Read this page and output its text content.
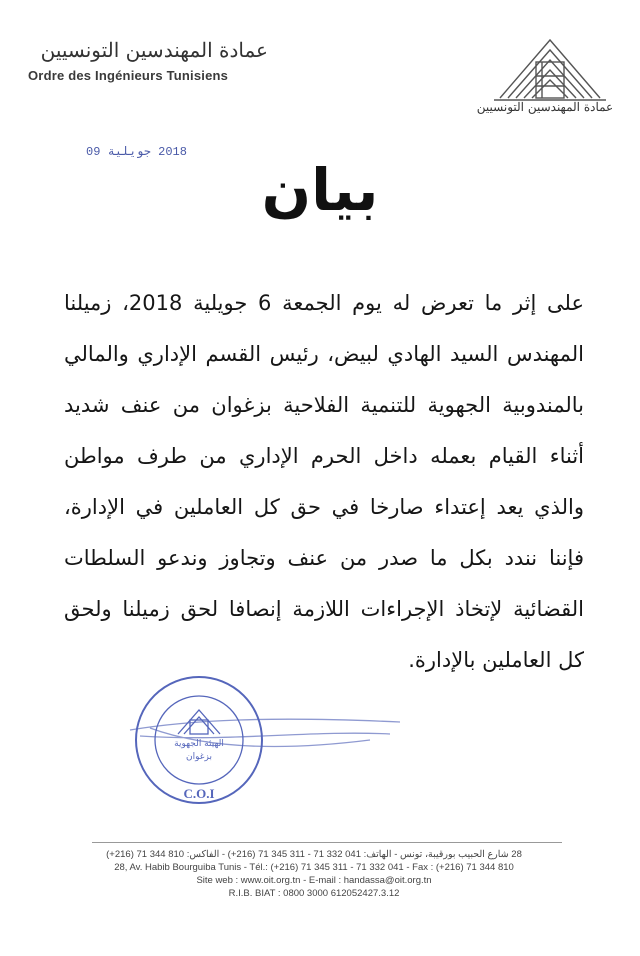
عمادة المهندسين التونسيين
Ordre des Ingénieurs Tunisiens
عمادة المهندسين التونسيين
2018 جويلية 09
بيان
على إثر ما تعرض له يوم الجمعة 6 جويلية 2018، زميلنا المهندس السيد الهادي لبيض، رئيس القسم الإداري والمالي بالمندوبية الجهوية للتنمية الفلاحية بزغوان من عنف شديد أثناء القيام بعمله داخل الحرم الإداري من طرف مواطن والذي يعد إعتداء صارخا في حق كل العاملين في الإدارة، فإننا نندد بكل ما صدر من عنف وتجاوز وندعو السلطات القضائية لإتخاذ الإجراءات اللازمة إنصافا لحق زميلنا ولحق كل العاملين بالإدارة.
الهيئة الجهوية
بزغوان
C.O.I
28 شارع الحبيب بورقيبة، تونس - الهاتف: 041 332 71 - 311 345 71 (216+) - الفاكس: 810 344 71 (216+)
28, Av. Habib Bourguiba Tunis - Tél.: (+216) 71 345 311 - 71 332 041 - Fax : (+216) 71 344 810
Site web : www.oit.org.tn - E-mail : handassa@oit.org.tn
R.I.B. BIAT : 0800 3000 612052427.3.12
